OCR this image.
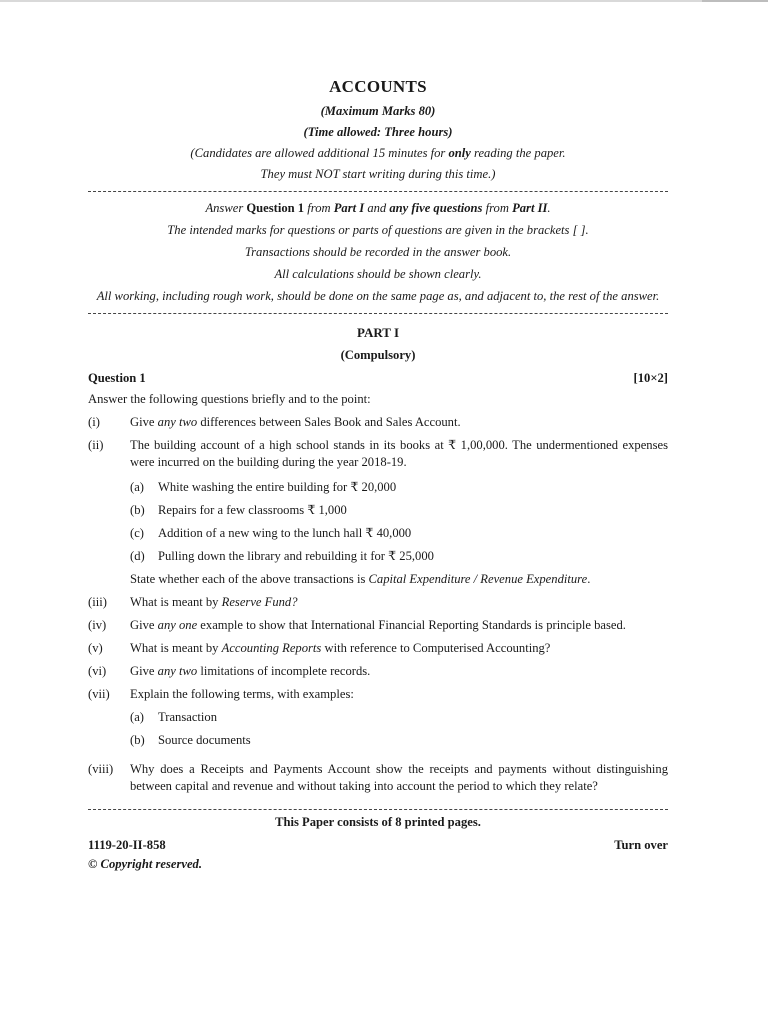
ACCOUNTS
(Maximum Marks 80)
(Time allowed: Three hours)
(Candidates are allowed additional 15 minutes for only reading the paper.
They must NOT start writing during this time.)

Answer Question 1 from Part I and any five questions from Part II.

The intended marks for questions or parts of questions are given in the brackets [ ].

Transactions should be recorded in the answer book.

All calculations should be shown clearly.

All working, including rough work, should be done on the same page as, and adjacent to, the rest of the answer.

PART I
(Compulsory)
Question 1	[10×2]
Answer the following questions briefly and to the point:
(i)	Give any two differences between Sales Book and Sales Account.
(ii)	The building account of a high school stands in its books at ₹ 1,00,000. The undermentioned expenses were incurred on the building during the year 2018-19.
(a)	White washing the entire building for ₹ 20,000
(b)	Repairs for a few classrooms ₹ 1,000
(c)	Addition of a new wing to the lunch hall ₹ 40,000
(d)	Pulling down the library and rebuilding it for ₹ 25,000
State whether each of the above transactions is Capital Expenditure / Revenue Expenditure.
(iii)	What is meant by Reserve Fund?
(iv)	Give any one example to show that International Financial Reporting Standards is principle based.
(v)	What is meant by Accounting Reports with reference to Computerised Accounting?
(vi)	Give any two limitations of incomplete records.
(vii)	Explain the following terms, with examples:
(a)	Transaction
(b)	Source documents
(viii)	Why does a Receipts and Payments Account show the receipts and payments without distinguishing between capital and revenue and without taking into account the period to which they relate?
This Paper consists of 8 printed pages.
1119-20-II-858	Turn over
© Copyright reserved.
